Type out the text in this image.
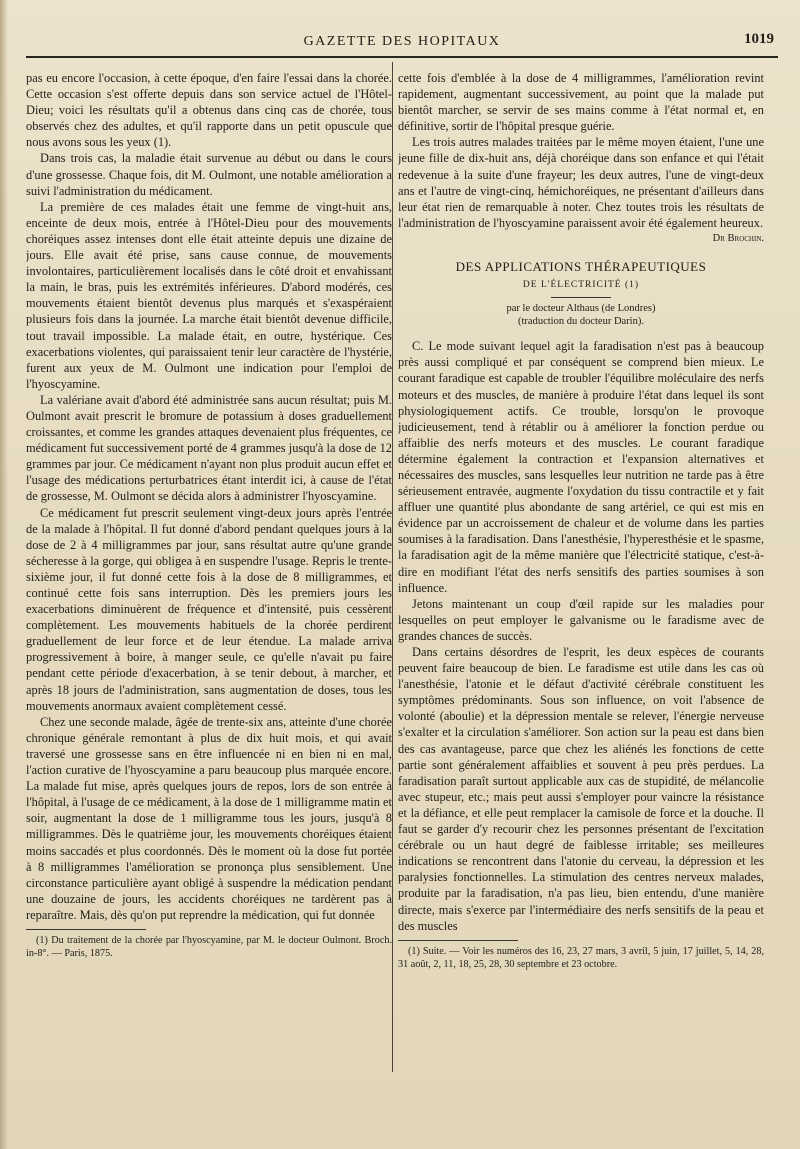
GAZETTE DES HOPITAUX	1019

pas eu encore l'occasion, à cette époque, d'en faire l'essai dans la chorée. Cette occasion s'est offerte depuis dans son service actuel de l'Hôtel-Dieu; voici les résultats qu'il a obtenus dans cinq cas de chorée, tous observés chez des adultes, et qu'il rapporte dans un petit opuscule que nous avons sous les yeux (1).

Dans trois cas, la maladie était survenue au début ou dans le cours d'une grossesse. Chaque fois, dit M. Oulmont, une notable amélioration a suivi l'administration du médicament.

La première de ces malades était une femme de vingt-huit ans, enceinte de deux mois, entrée à l'Hôtel-Dieu pour des mouvements choréiques assez intenses dont elle était atteinte depuis une dizaine de jours. Elle avait été prise, sans cause connue, de mouvements involontaires, particulièrement localisés dans le côté droit et envahissant la main, le bras, puis les extrémités inférieures. D'abord modérés, ces mouvements étaient bientôt devenus plus marqués et s'exaspéraient plusieurs fois dans la journée. La marche était bientôt devenue difficile, tout travail impossible. La malade était, en outre, hystérique. Ces exacerbations violentes, qui paraissaient tenir leur caractère de l'hystérie, furent aux yeux de M. Oulmont une indication pour l'emploi de l'hyoscyamine.

La valériane avait d'abord été administrée sans aucun résultat; puis M. Oulmont avait prescrit le bromure de potassium à doses graduellement croissantes, et comme les grandes attaques devenaient plus fréquentes, ce médicament fut successivement porté de 4 grammes jusqu'à la dose de 12 grammes par jour. Ce médicament n'ayant non plus produit aucun effet et l'usage des médications perturbatrices étant interdit ici, à cause de l'état de grossesse, M. Oulmont se décida alors à administrer l'hyoscyamine.

Ce médicament fut prescrit seulement vingt-deux jours après l'entrée de la malade à l'hôpital. Il fut donné d'abord pendant quelques jours à la dose de 2 à 4 milligrammes par jour, sans résultat autre qu'une grande sécheresse à la gorge, qui obligea à en suspendre l'usage. Repris le trente-sixième jour, il fut donné cette fois à la dose de 8 milligrammes, et continué cette fois sans interruption. Dès les premiers jours les exacerbations diminuèrent de fréquence et d'intensité, puis cessèrent complètement. Les mouvements habituels de la chorée perdirent graduellement de leur force et de leur étendue. La malade arriva progressivement à boire, à manger seule, ce qu'elle n'avait pu faire pendant cette période d'exacerbation, à se tenir debout, à marcher, et après 18 jours de l'administration, sans augmentation de doses, tous les mouvements anormaux avaient complètement cessé.

Chez une seconde malade, âgée de trente-six ans, atteinte d'une chorée chronique générale remontant à plus de dix huit mois, et qui avait traversé une grossesse sans en être influencée ni en bien ni en mal, l'action curative de l'hyoscyamine a paru beaucoup plus marquée encore. La malade fut mise, après quelques jours de repos, lors de son entrée à l'hôpital, à l'usage de ce médicament, à la dose de 1 milligramme matin et soir, augmentant la dose de 1 milligramme tous les jours, jusqu'à 8 milligrammes. Dès le quatrième jour, les mouvements choréiques étaient moins saccadés et plus coordonnés. Dès le moment où la dose fut portée à 8 milligrammes l'amélioration se prononça plus sensiblement. Une circonstance particulière ayant obligé à suspendre la médication pendant une douzaine de jours, les accidents choréiques ne tardèrent pas à reparaître. Mais, dès qu'on put reprendre la médication, qui fut donnée

(1) Du traitement de la chorée par l'hyoscyamine, par M. le docteur Oulmont. Broch. in-8°. — Paris, 1875.

cette fois d'emblée à la dose de 4 milligrammes, l'amélioration revint rapidement, augmentant successivement, au point que la malade put bientôt marcher, se servir de ses mains comme à l'état normal et, en définitive, sortir de l'hôpital presque guérie.

Les trois autres malades traitées par le même moyen étaient, l'une une jeune fille de dix-huit ans, déjà choréique dans son enfance et qui l'était redevenue à la suite d'une frayeur; les deux autres, l'une de vingt-deux ans et l'autre de vingt-cinq, hémichoréiques, ne présentant d'ailleurs dans leur état rien de remarquable à noter. Chez toutes trois les résultats de l'administration de l'hyoscyamine paraissent avoir été également heureux.

Dr Brochin.
DES APPLICATIONS THÉRAPEUTIQUES
DE L'ÉLECTRICITÉ (1)
par le docteur Althaus (de Londres)
(traduction du docteur Darin).

C. Le mode suivant lequel agit la faradisation n'est pas à beaucoup près aussi compliqué et par conséquent se comprend bien mieux. Le courant faradique est capable de troubler l'équilibre moléculaire des nerfs moteurs et des muscles, de manière à produire l'état dans lequel ils sont physiologiquement actifs. Ce trouble, lorsqu'on le provoque judicieusement, tend à rétablir ou à améliorer la fonction perdue ou affaiblie des nerfs moteurs et des muscles. Le courant faradique détermine également la contraction et l'expansion alternatives et nécessaires des muscles, sans lesquelles leur nutrition ne tarde pas à être sérieusement entravée, augmente l'oxydation du tissu contractile et y fait affluer une quantité plus abondante de sang artériel, ce qui est mis en évidence par un accroissement de chaleur et de volume dans les parties soumises à la faradisation. Dans l'anesthésie, l'hyperesthésie et le spasme, la faradisation agit de la même manière que l'électricité statique, c'est-à-dire en modifiant l'état des nerfs sensitifs des parties soumises à son influence.

Jetons maintenant un coup d'œil rapide sur les maladies pour lesquelles on peut employer le galvanisme ou le faradisme avec de grandes chances de succès.

Dans certains désordres de l'esprit, les deux espèces de courants peuvent faire beaucoup de bien. Le faradisme est utile dans les cas où l'anesthésie, l'atonie et le défaut d'activité cérébrale constituent les symptômes prédominants. Sous son influence, on voit l'absence de volonté (aboulie) et la dépression mentale se relever, l'énergie nerveuse s'exalter et la circulation s'améliorer. Son action sur la peau est dans bien des cas avantageuse, parce que chez les aliénés les fonctions de cette partie sont généralement affaiblies et souvent à peu près perdues. La faradisation paraît surtout applicable aux cas de stupidité, de mélancolie avec stupeur, etc.; mais peut aussi s'employer pour vaincre la résistance et la défiance, et elle peut remplacer la camisole de force et la douche. Il faut se garder d'y recourir chez les personnes présentant de l'excitation cérébrale ou un haut degré de faiblesse irritable; ses meilleures indications se rencontrent dans l'atonie du cerveau, la dépression et les paralysies fonctionnelles. La stimulation des centres nerveux malades, produite par la faradisation, n'a pas lieu, bien entendu, d'une manière directe, mais s'exerce par l'intermédiaire des nerfs sensitifs de la peau et des muscles

(1) Suite. — Voir les numéros des 16, 23, 27 mars, 3 avril, 5 juin, 17 juillet, 5, 14, 28, 31 août, 2, 11, 18, 25, 28, 30 septembre et 23 octobre.
